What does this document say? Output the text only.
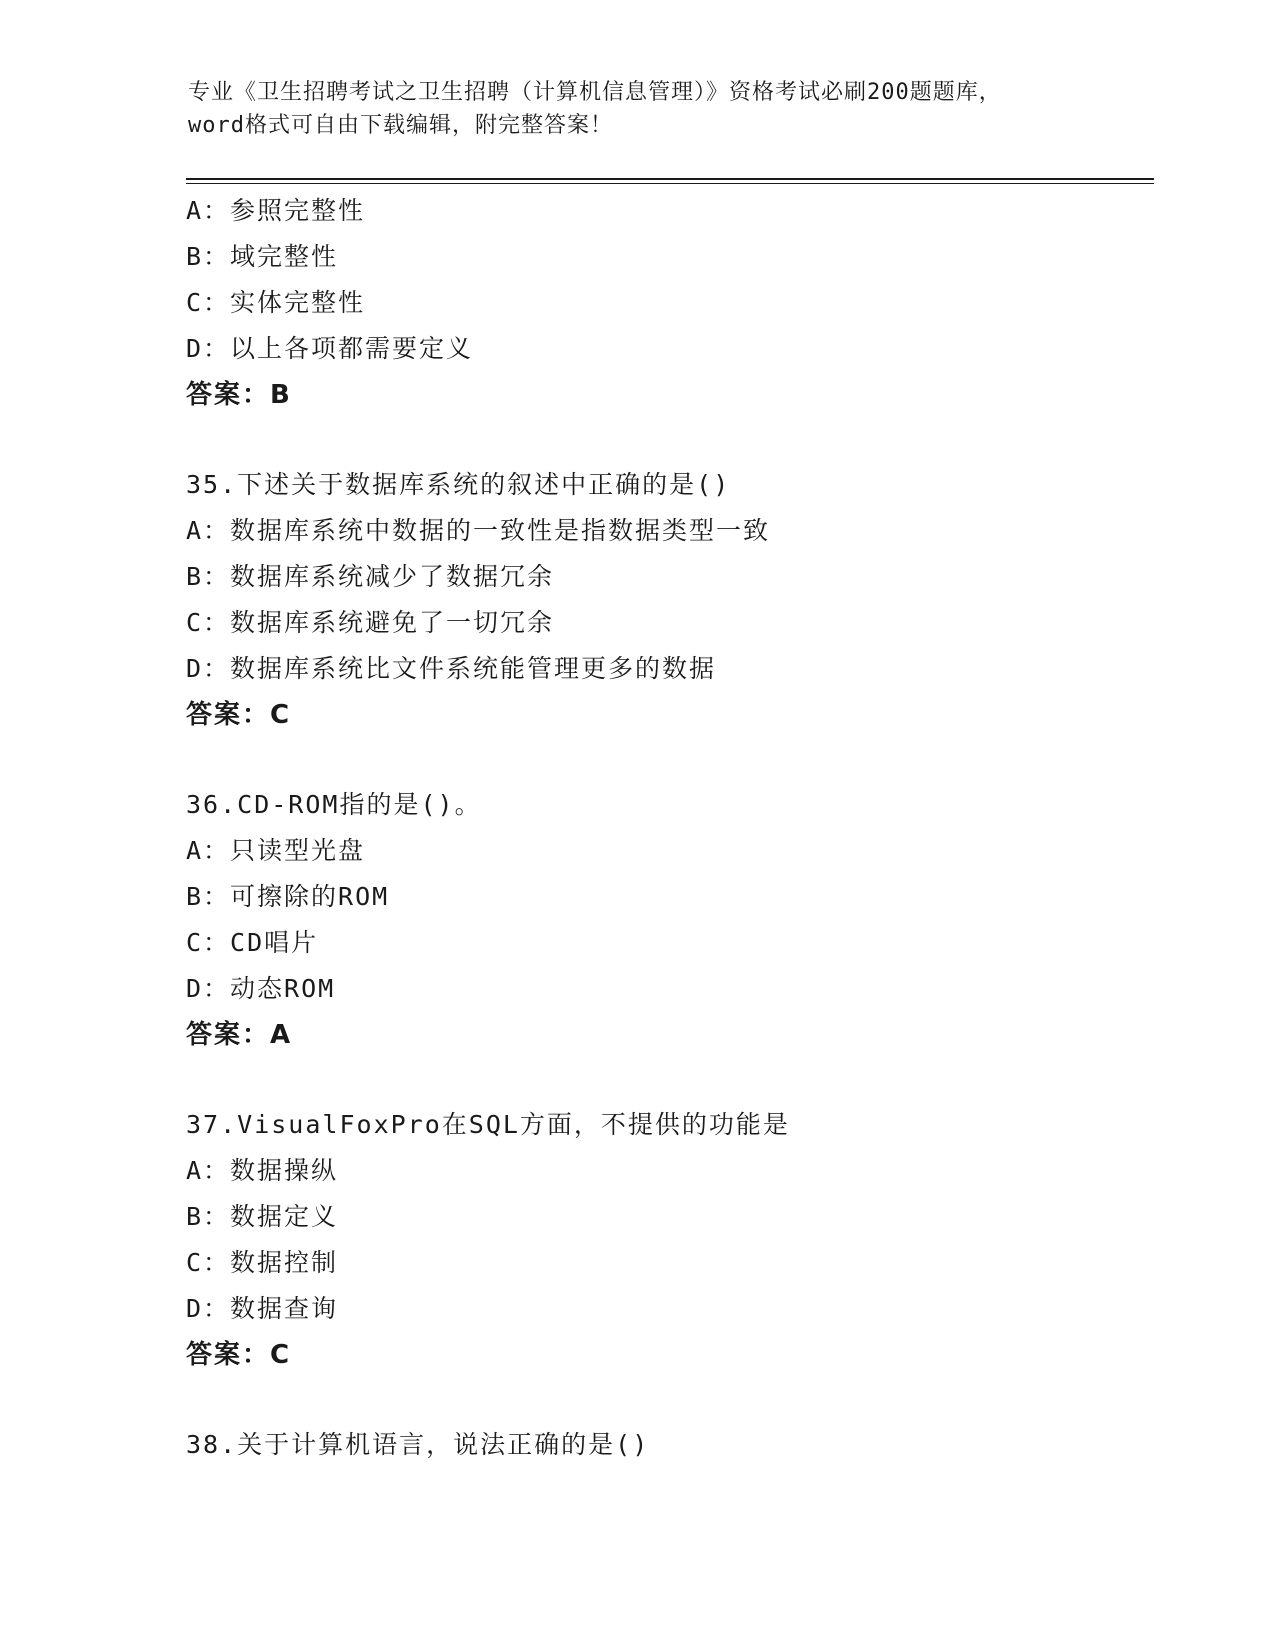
专业《卫生招聘考试之卫生招聘（计算机信息管理）》资格考试必刷200题题库，
word格式可自由下载编辑，附完整答案！
A：参照完整性
B：域完整性
C：实体完整性
D：以上各项都需要定义
答案：B
35.下述关于数据库系统的叙述中正确的是()
A：数据库系统中数据的一致性是指数据类型一致
B：数据库系统减少了数据冗余
C：数据库系统避免了一切冗余
D：数据库系统比文件系统能管理更多的数据
答案：C
36.CD-ROM指的是()。
A：只读型光盘
B：可擦除的ROM
C：CD唱片
D：动态ROM
答案：A
37.VisualFoxPro在SQL方面，不提供的功能是
A：数据操纵
B：数据定义
C：数据控制
D：数据查询
答案：C
38.关于计算机语言，说法正确的是()
